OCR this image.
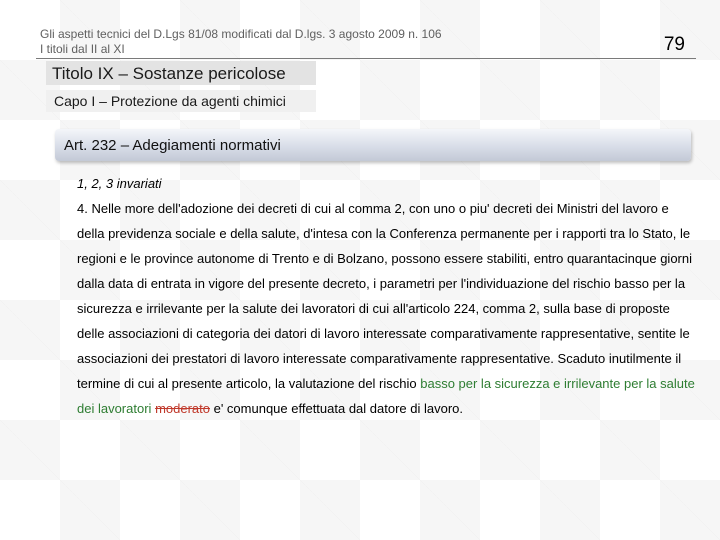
Gli aspetti tecnici del D.Lgs 81/08 modificati dal D.lgs. 3 agosto 2009 n. 106
I titoli dal II al XI	79
Titolo IX – Sostanze pericolose
Capo I – Protezione da agenti chimici
Art. 232 – Adegiamenti normativi

1, 2, 3 invariati

4. Nelle more dell'adozione dei decreti di cui al comma 2, con uno o piu' decreti dei Ministri del lavoro e della previdenza sociale e della salute, d'intesa con la Conferenza permanente per i rapporti tra lo Stato, le regioni e le province autonome di Trento e di Bolzano, possono essere stabiliti, entro quarantacinque giorni dalla data di entrata in vigore del presente decreto, i parametri per l'individuazione del rischio basso per la sicurezza e irrilevante per la salute dei lavoratori di cui all'articolo 224, comma 2, sulla base di proposte delle associazioni di categoria dei datori di lavoro interessate comparativamente rappresentative, sentite le associazioni dei prestatori di lavoro interessate comparativamente rappresentative. Scaduto inutilmente il termine di cui al presente articolo, la valutazione del rischio basso per la sicurezza e irrilevante per la salute dei lavoratori moderato e' comunque effettuata dal datore di lavoro.
